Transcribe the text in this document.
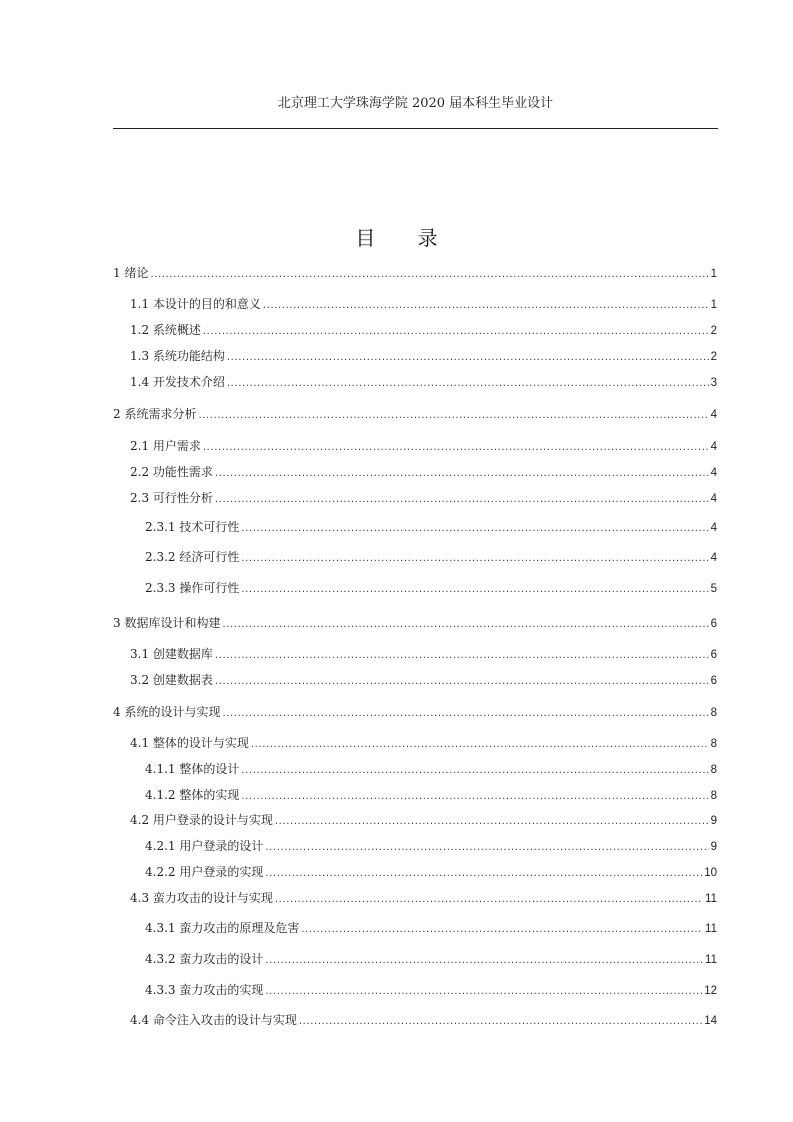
北京理工大学珠海学院 2020 届本科生毕业设计
目 录
1 绪论 .....	1
1.1 本设计的目的和意义 .....	1
1.2 系统概述 .....	2
1.3 系统功能结构 .....	2
1.4 开发技术介绍 .....	3
2 系统需求分析 .....	4
2.1 用户需求 .....	4
2.2 功能性需求 .....	4
2.3 可行性分析 .....	4
2.3.1 技术可行性 .....	4
2.3.2 经济可行性 .....	4
2.3.3 操作可行性 .....	5
3 数据库设计和构建 .....	6
3.1 创建数据库 .....	6
3.2 创建数据表 .....	6
4 系统的设计与实现 .....	8
4.1 整体的设计与实现 .....	8
4.1.1 整体的设计 .....	8
4.1.2 整体的实现 .....	8
4.2 用户登录的设计与实现 .....	9
4.2.1 用户登录的设计 .....	9
4.2.2 用户登录的实现 .....	10
4.3 蛮力攻击的设计与实现 .....	11
4.3.1 蛮力攻击的原理及危害 .....	11
4.3.2 蛮力攻击的设计 .....	11
4.3.3 蛮力攻击的实现 .....	12
4.4 命令注入攻击的设计与实现 .....	14
